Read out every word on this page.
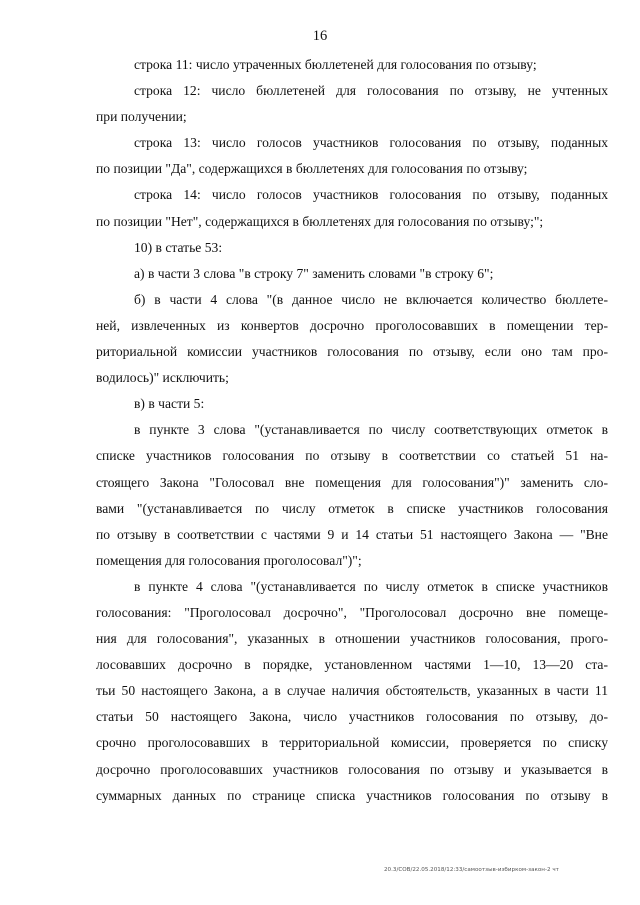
16

строка 11: число утраченных бюллетеней для голосования по отзыву;

строка 12: число бюллетеней для голосования по отзыву, не учтенных
при получении;

строка 13: число голосов участников голосования по отзыву, поданных
по позиции "Да", содержащихся в бюллетенях для голосования по отзыву;

строка 14: число голосов участников голосования по отзыву, поданных
по позиции "Нет", содержащихся в бюллетенях для голосования по отзыву;";

10) в статье 53:

а) в части 3 слова "в строку 7" заменить словами "в строку 6";

б) в части 4 слова "(в данное число не включается количество бюллете-
ней, извлеченных из конвертов досрочно проголосовавших в помещении тер-
риториальной комиссии участников голосования по отзыву, если оно там про-
водилось)" исключить;

в) в части 5:

в пункте 3 слова "(устанавливается по числу соответствующих отметок в
списке участников голосования по отзыву в соответствии со статьей 51 на-
стоящего Закона "Голосовал вне помещения для голосования")" заменить сло-
вами "(устанавливается по числу отметок в списке участников голосования
по отзыву в соответствии с частями 9 и 14 статьи 51 настоящего Закона — "Вне
помещения для голосования проголосовал")";

в пункте 4 слова "(устанавливается по числу отметок в списке участников
голосования: "Проголосовал досрочно", "Проголосовал досрочно вне помеще-
ния для голосования", указанных в отношении участников голосования, прого-
лосовавших досрочно в порядке, установленном частями 1—10, 13—20 ста-
тьи 50 настоящего Закона, а в случае наличия обстоятельств, указанных в части 11
статьи 50 настоящего Закона, число участников голосования по отзыву, до-
срочно проголосовавших в территориальной комиссии, проверяется по списку
досрочно проголосовавших участников голосования по отзыву и указывается в
суммарных данных по странице списка участников голосования по отзыву в

20.3/СОВ/22.05.2018/12:33/самоотзыв-избирком-закон-2 чт
